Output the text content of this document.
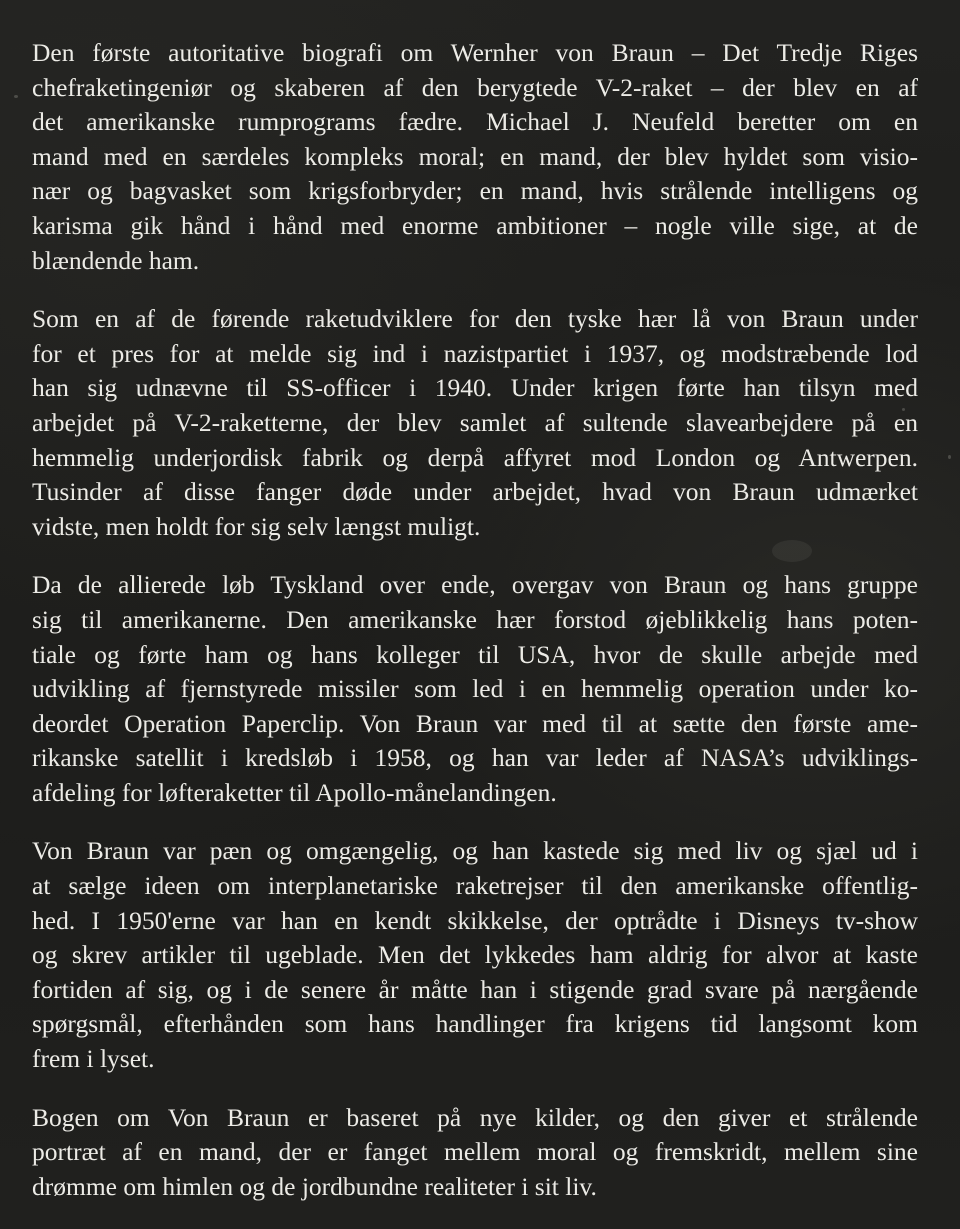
Den første autoritative biografi om Wernher von Braun – Det Tredje Riges
chefraketingeniør og skaberen af den berygtede V-2-raket – der blev en af
det amerikanske rumprograms fædre. Michael J. Neufeld beretter om en
mand med en særdeles kompleks moral; en mand, der blev hyldet som visio-
nær og bagvasket som krigsforbryder; en mand, hvis strålende intelligens og
karisma gik hånd i hånd med enorme ambitioner – nogle ville sige, at de
blændende ham.
Som en af de førende raketudviklere for den tyske hær lå von Braun under
for et pres for at melde sig ind i nazistpartiet i 1937, og modstræbende lod
han sig udnævne til SS-officer i 1940. Under krigen førte han tilsyn med
arbejdet på V-2-raketterne, der blev samlet af sultende slavearbejdere på en
hemmelig underjordisk fabrik og derpå affyret mod London og Antwerpen.
Tusinder af disse fanger døde under arbejdet, hvad von Braun udmærket
vidste, men holdt for sig selv længst muligt.
Da de allierede løb Tyskland over ende, overgav von Braun og hans gruppe
sig til amerikanerne. Den amerikanske hær forstod øjeblikkelig hans poten-
tiale og førte ham og hans kolleger til USA, hvor de skulle arbejde med
udvikling af fjernstyrede missiler som led i en hemmelig operation under ko-
deordet Operation Paperclip. Von Braun var med til at sætte den første ame-
rikanske satellit i kredsløb i 1958, og han var leder af NASA’s udviklings-
afdeling for løfteraketter til Apollo-månelandingen.
Von Braun var pæn og omgængelig, og han kastede sig med liv og sjæl ud i
at sælge ideen om interplanetariske raketrejser til den amerikanske offentlig-
hed. I 1950'erne var han en kendt skikkelse, der optrådte i Disneys tv-show
og skrev artikler til ugeblade. Men det lykkedes ham aldrig for alvor at kaste
fortiden af sig, og i de senere år måtte han i stigende grad svare på nærgående
spørgsmål, efterhånden som hans handlinger fra krigens tid langsomt kom
frem i lyset.
Bogen om Von Braun er baseret på nye kilder, og den giver et strålende
portræt af en mand, der er fanget mellem moral og fremskridt, mellem sine
drømme om himlen og de jordbundne realiteter i sit liv.
